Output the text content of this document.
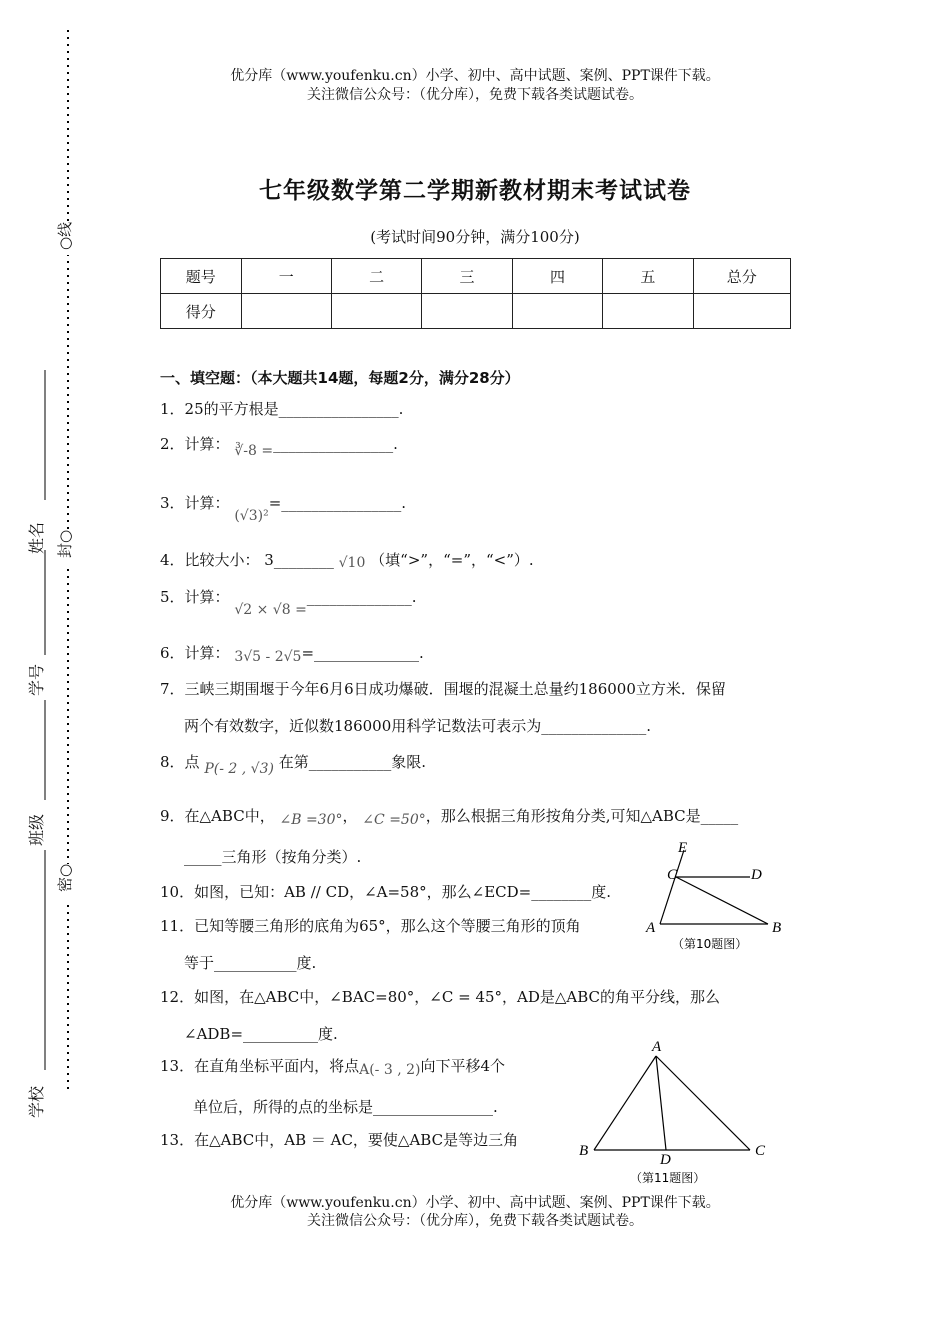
○线
封○
密○
姓名
学号
班级
学校
优分库（www.youfenku.cn）小学、初中、高中试题、案例、PPT课件下载。
关注微信公众号：（优分库），免费下载各类试题试卷。
七年级数学第二学期新教材期末考试试卷
(考试时间90分钟，满分100分)
题号	一	二	三	四	五	总分
得分						
一、填空题：（本大题共14题，每题2分，满分28分）
1．25的平方根是________________.
2．计算： ∛-8 =________________.
3．计算： (√3)²=________________.
4．比较大小： 3________ √10 （填“>”，“=”，“<”）.
5．计算： √2 × √8 =______________.
6．计算： 3√5 - 2√5=______________.
7．三峡三期围堰于今年6月6日成功爆破．围堰的混凝土总量约186000立方米．保留
两个有效数字，近似数186000用科学记数法可表示为______________.
8．点 P(- 2 , √3) 在第___________象限.
9．在△ABC中， ∠B =30°， ∠C =50°，那么根据三角形按角分类,可知△ABC是_____
_____三角形（按角分类）.
10．如图，已知：AB // CD，∠A=58°，那么∠ECD=________度.
11．已知等腰三角形的底角为65°，那么这个等腰三角形的顶角
等于___________度.
12．如图，在△ABC中，∠BAC=80°，∠C = 45°，AD是△ABC的角平分线，那么
∠ADB=__________度.
13．在直角坐标平面内，将点A(- 3 , 2)向下平移4个
单位后，所得的点的坐标是________________.
13．在△ABC中，AB ＝ AC，要使△ABC是等边三角
E
C	D
A	B
（第10题图）
A
B
D
C
（第11题图）
优分库（www.youfenku.cn）小学、初中、高中试题、案例、PPT课件下载。
关注微信公众号：（优分库），免费下载各类试题试卷。
